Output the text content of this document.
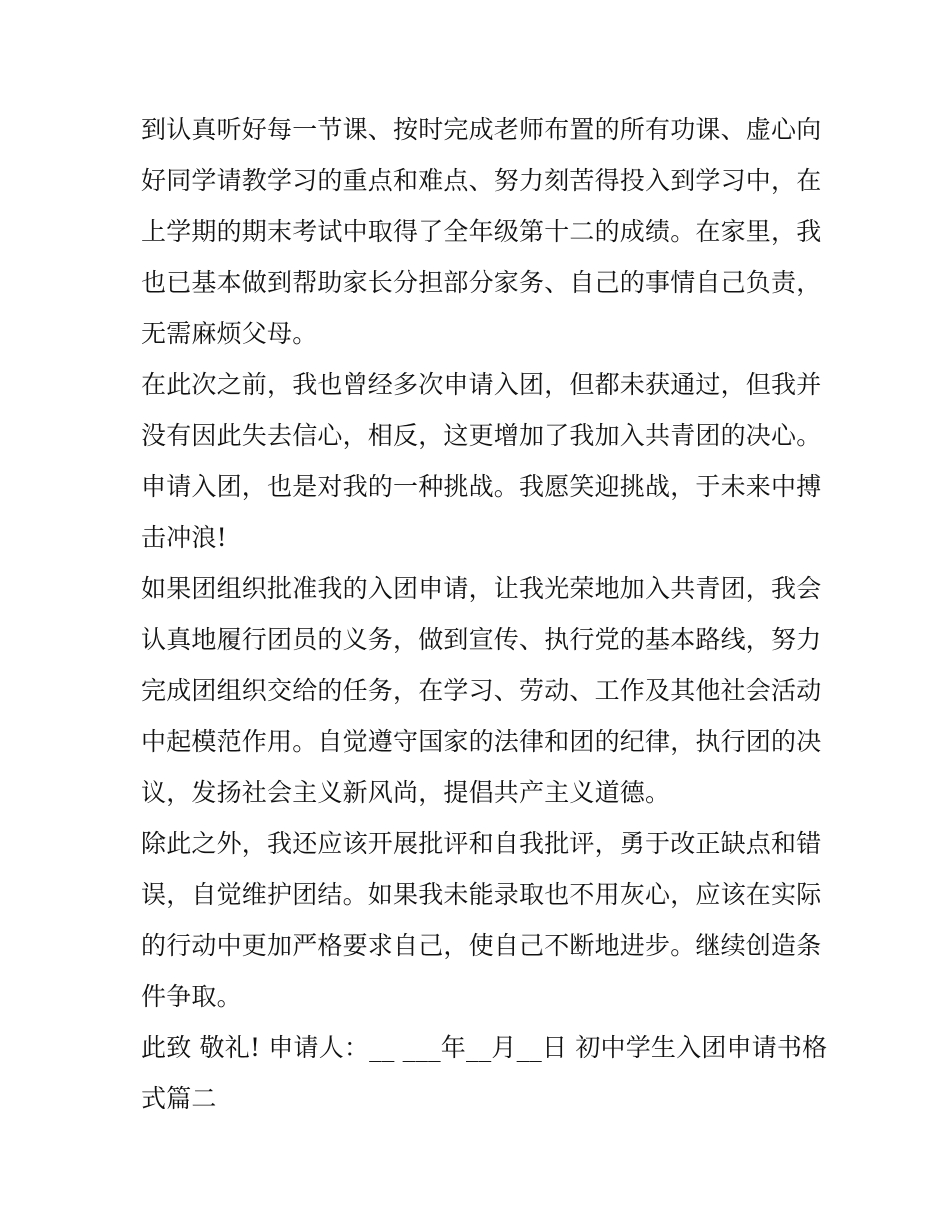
到认真听好每一节课、按时完成老师布置的所有功课、虚心向
好同学请教学习的重点和难点、努力刻苦得投入到学习中，在
上学期的期末考试中取得了全年级第十二的成绩。在家里，我
也已基本做到帮助家长分担部分家务、自己的事情自己负责，
无需麻烦父母。
在此次之前，我也曾经多次申请入团，但都未获通过，但我并
没有因此失去信心，相反，这更增加了我加入共青团的决心。
申请入团，也是对我的一种挑战。我愿笑迎挑战，于未来中搏
击冲浪!
如果团组织批准我的入团申请，让我光荣地加入共青团，我会
认真地履行团员的义务，做到宣传、执行党的基本路线，努力
完成团组织交给的任务，在学习、劳动、工作及其他社会活动
中起模范作用。自觉遵守国家的法律和团的纪律，执行团的决
议，发扬社会主义新风尚，提倡共产主义道德。
除此之外，我还应该开展批评和自我批评，勇于改正缺点和错
误，自觉维护团结。如果我未能录取也不用灰心，应该在实际
的行动中更加严格要求自己，使自己不断地进步。继续创造条
件争取。
此致 敬礼! 申请人：__ ___年__月__日 初中学生入团申请书格
式篇二
